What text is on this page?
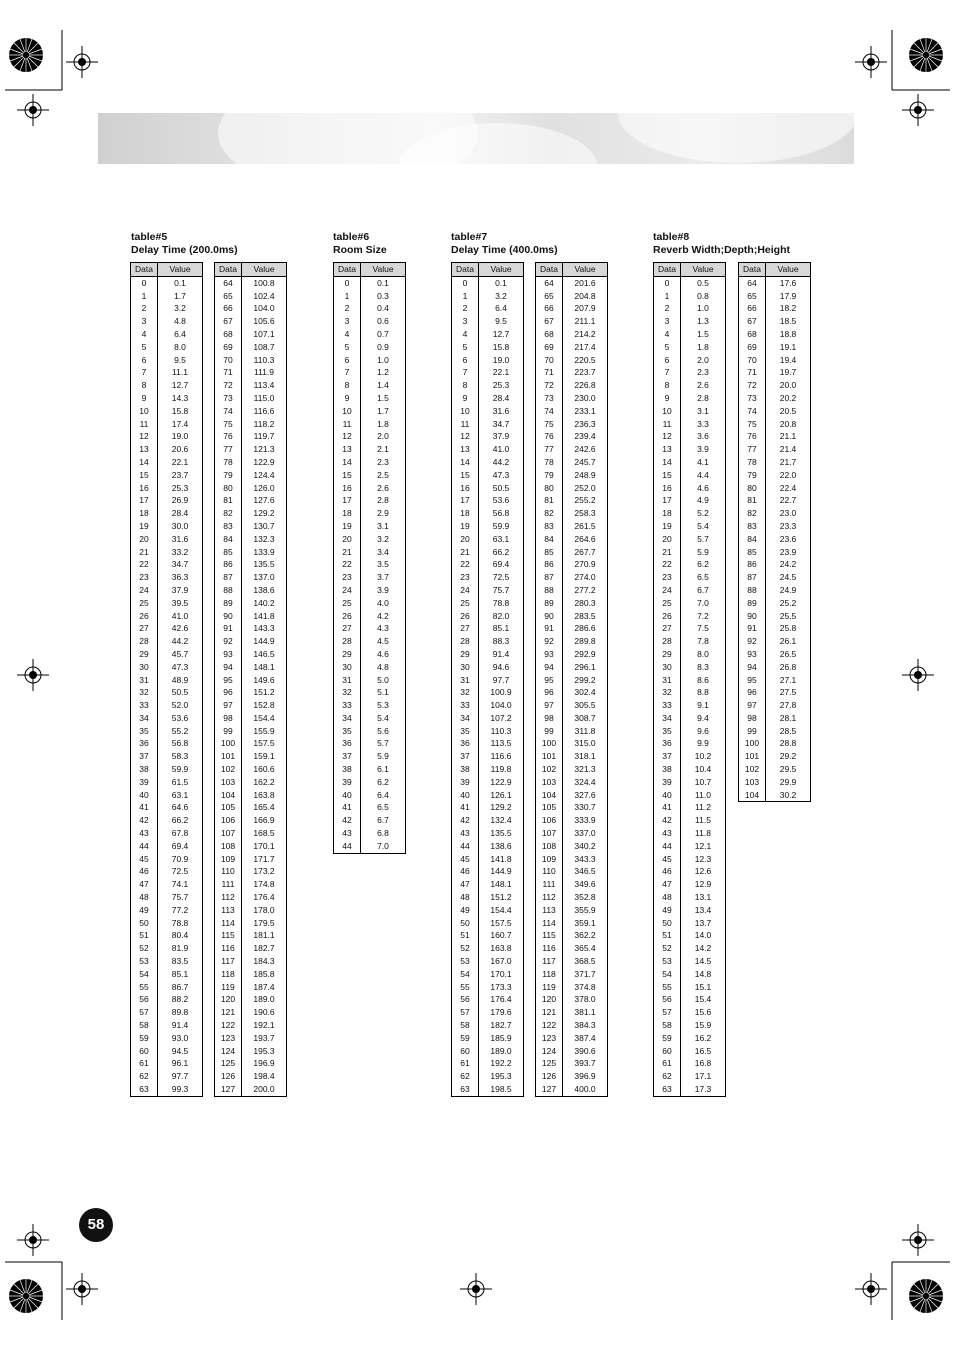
table#5
Delay Time (200.0ms)
Data	Value
0	0.1
1	1.7
2	3.2
3	4.8
4	6.4
5	8.0
6	9.5
7	11.1
8	12.7
9	14.3
10	15.8
11	17.4
12	19.0
13	20.6
14	22.1
15	23.7
16	25.3
17	26.9
18	28.4
19	30.0
20	31.6
21	33.2
22	34.7
23	36.3
24	37.9
25	39.5
26	41.0
27	42.6
28	44.2
29	45.7
30	47.3
31	48.9
32	50.5
33	52.0
34	53.6
35	55.2
36	56.8
37	58.3
38	59.9
39	61.5
40	63.1
41	64.6
42	66.2
43	67.8
44	69.4
45	70.9
46	72.5
47	74.1
48	75.7
49	77.2
50	78.8
51	80.4
52	81.9
53	83.5
54	85.1
55	86.7
56	88.2
57	89.8
58	91.4
59	93.0
60	94.5
61	96.1
62	97.7
63	99.3
Data	Value
64	100.8
65	102.4
66	104.0
67	105.6
68	107.1
69	108.7
70	110.3
71	111.9
72	113.4
73	115.0
74	116.6
75	118.2
76	119.7
77	121.3
78	122.9
79	124.4
80	126.0
81	127.6
82	129.2
83	130.7
84	132.3
85	133.9
86	135.5
87	137.0
88	138.6
89	140.2
90	141.8
91	143.3
92	144.9
93	146.5
94	148.1
95	149.6
96	151.2
97	152.8
98	154.4
99	155.9
100	157.5
101	159.1
102	160.6
103	162.2
104	163.8
105	165.4
106	166.9
107	168.5
108	170.1
109	171.7
110	173.2
111	174.8
112	176.4
113	178.0
114	179.5
115	181.1
116	182.7
117	184.3
118	185.8
119	187.4
120	189.0
121	190.6
122	192.1
123	193.7
124	195.3
125	196.9
126	198.4
127	200.0
table#6
Room Size
Data	Value
0	0.1
1	0.3
2	0.4
3	0.6
4	0.7
5	0.9
6	1.0
7	1.2
8	1.4
9	1.5
10	1.7
11	1.8
12	2.0
13	2.1
14	2.3
15	2.5
16	2.6
17	2.8
18	2.9
19	3.1
20	3.2
21	3.4
22	3.5
23	3.7
24	3.9
25	4.0
26	4.2
27	4.3
28	4.5
29	4.6
30	4.8
31	5.0
32	5.1
33	5.3
34	5.4
35	5.6
36	5.7
37	5.9
38	6.1
39	6.2
40	6.4
41	6.5
42	6.7
43	6.8
44	7.0
table#7
Delay Time (400.0ms)
Data	Value
0	0.1
1	3.2
2	6.4
3	9.5
4	12.7
5	15.8
6	19.0
7	22.1
8	25.3
9	28.4
10	31.6
11	34.7
12	37.9
13	41.0
14	44.2
15	47.3
16	50.5
17	53.6
18	56.8
19	59.9
20	63.1
21	66.2
22	69.4
23	72.5
24	75.7
25	78.8
26	82.0
27	85.1
28	88.3
29	91.4
30	94.6
31	97.7
32	100.9
33	104.0
34	107.2
35	110.3
36	113.5
37	116.6
38	119.8
39	122.9
40	126.1
41	129.2
42	132.4
43	135.5
44	138.6
45	141.8
46	144.9
47	148.1
48	151.2
49	154.4
50	157.5
51	160.7
52	163.8
53	167.0
54	170.1
55	173.3
56	176.4
57	179.6
58	182.7
59	185.9
60	189.0
61	192.2
62	195.3
63	198.5
Data	Value
64	201.6
65	204.8
66	207.9
67	211.1
68	214.2
69	217.4
70	220.5
71	223.7
72	226.8
73	230.0
74	233.1
75	236.3
76	239.4
77	242.6
78	245.7
79	248.9
80	252.0
81	255.2
82	258.3
83	261.5
84	264.6
85	267.7
86	270.9
87	274.0
88	277.2
89	280.3
90	283.5
91	286.6
92	289.8
93	292.9
94	296.1
95	299.2
96	302.4
97	305.5
98	308.7
99	311.8
100	315.0
101	318.1
102	321.3
103	324.4
104	327.6
105	330.7
106	333.9
107	337.0
108	340.2
109	343.3
110	346.5
111	349.6
112	352.8
113	355.9
114	359.1
115	362.2
116	365.4
117	368.5
118	371.7
119	374.8
120	378.0
121	381.1
122	384.3
123	387.4
124	390.6
125	393.7
126	396.9
127	400.0
table#8
Reverb Width;Depth;Height
Data	Value
0	0.5
1	0.8
2	1.0
3	1.3
4	1.5
5	1.8
6	2.0
7	2.3
8	2.6
9	2.8
10	3.1
11	3.3
12	3.6
13	3.9
14	4.1
15	4.4
16	4.6
17	4.9
18	5.2
19	5.4
20	5.7
21	5.9
22	6.2
23	6.5
24	6.7
25	7.0
26	7.2
27	7.5
28	7.8
29	8.0
30	8.3
31	8.6
32	8.8
33	9.1
34	9.4
35	9.6
36	9.9
37	10.2
38	10.4
39	10.7
40	11.0
41	11.2
42	11.5
43	11.8
44	12.1
45	12.3
46	12.6
47	12.9
48	13.1
49	13.4
50	13.7
51	14.0
52	14.2
53	14.5
54	14.8
55	15.1
56	15.4
57	15.6
58	15.9
59	16.2
60	16.5
61	16.8
62	17.1
63	17.3
Data	Value
64	17.6
65	17.9
66	18.2
67	18.5
68	18.8
69	19.1
70	19.4
71	19.7
72	20.0
73	20.2
74	20.5
75	20.8
76	21.1
77	21.4
78	21.7
79	22.0
80	22.4
81	22.7
82	23.0
83	23.3
84	23.6
85	23.9
86	24.2
87	24.5
88	24.9
89	25.2
90	25.5
91	25.8
92	26.1
93	26.5
94	26.8
95	27.1
96	27.5
97	27.8
98	28.1
99	28.5
100	28.8
101	29.2
102	29.5
103	29.9
104	30.2
58
